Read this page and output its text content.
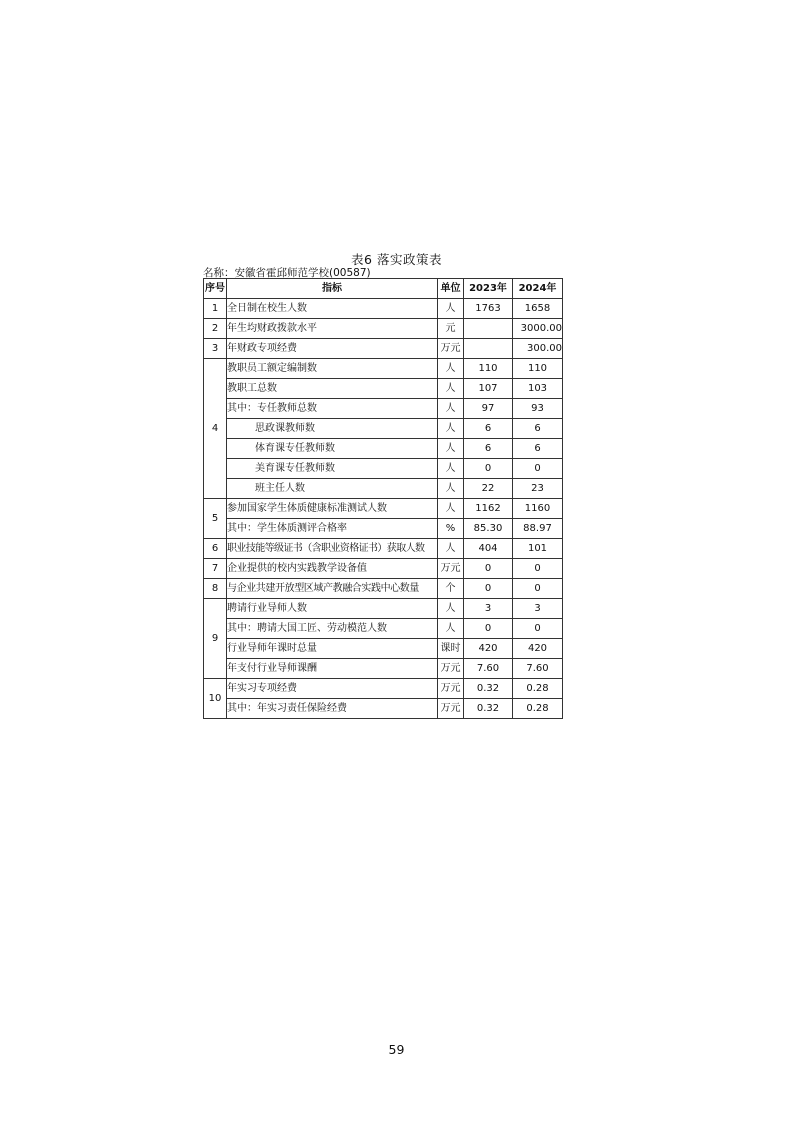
表6 落实政策表
名称：安徽省霍邱师范学校(00587)
序号	指标	单位	2023年	2024年
1	全日制在校生人数	人	1763	1658
2	年生均财政拨款水平	元		3000.00
3	年财政专项经费	万元		300.00
4	教职员工额定编制数	人	110	110
	教职工总数	人	107	103
	其中：专任教师总数	人	97	93
	思政课教师数	人	6	6
	体育课专任教师数	人	6	6
	美育课专任教师数	人	0	0
	班主任人数	人	22	23
5	参加国家学生体质健康标准测试人数	人	1162	1160
	其中：学生体质测评合格率	%	85.30	88.97
6	职业技能等级证书（含职业资格证书）获取人数	人	404	101
7	企业提供的校内实践教学设备值	万元	0	0
8	与企业共建开放型区域产教融合实践中心数量	个	0	0
9	聘请行业导师人数	人	3	3
	其中：聘请大国工匠、劳动模范人数	人	0	0
	行业导师年课时总量	课时	420	420
	年支付行业导师课酬	万元	7.60	7.60
10	年实习专项经费	万元	0.32	0.28
	其中：年实习责任保险经费	万元	0.32	0.28
59
